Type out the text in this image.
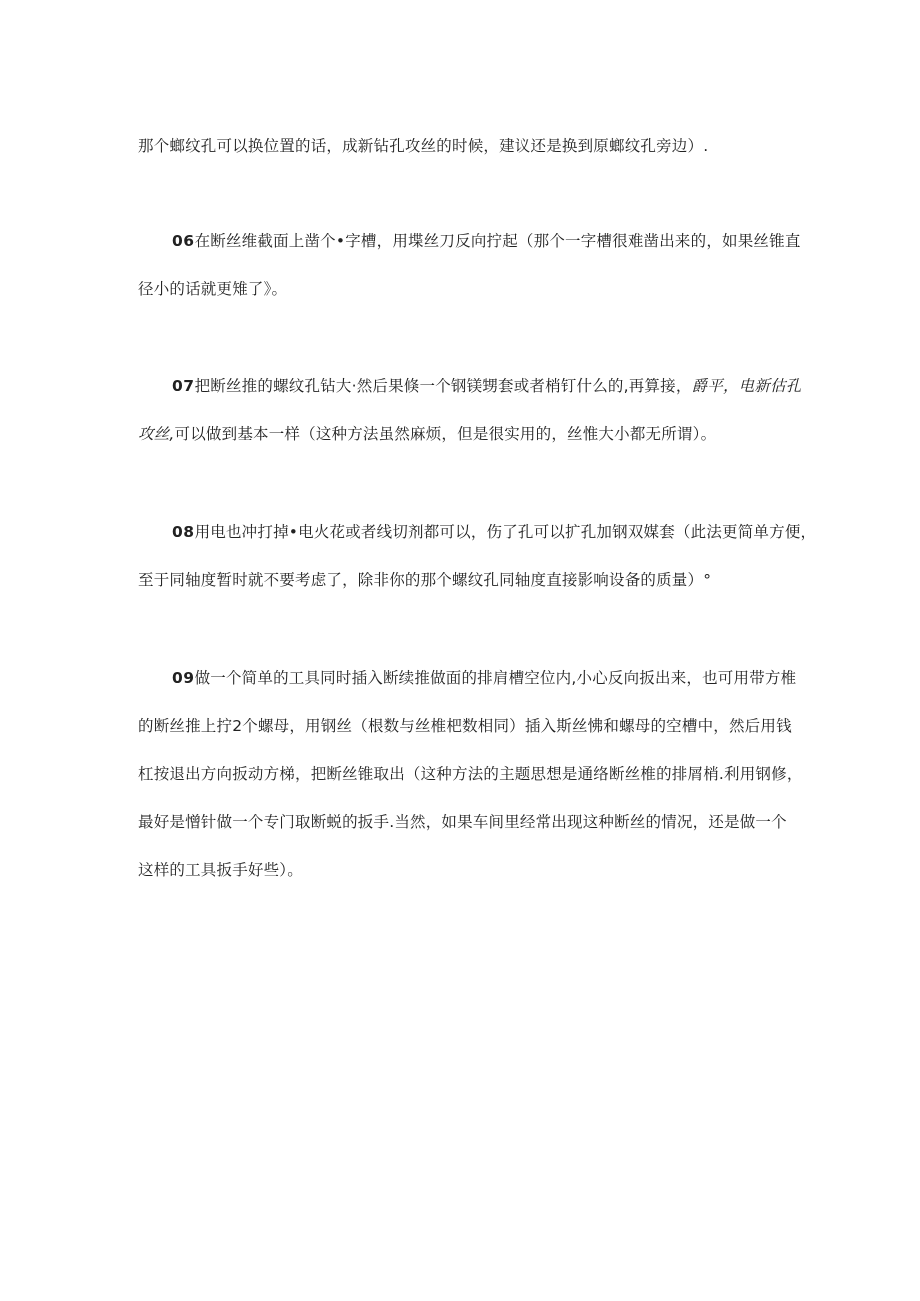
那个螂纹孔可以换位置的话，成新钻孔攻丝的时候，建议还是换到原螂纹孔旁边）.
06在断丝维截面上凿个•字槽，用堞丝刀反向拧起（那个一字槽很难凿出来的，如果丝锥直
径小的话就更雉了》。
07把断丝推的螺纹孔钻大·然后果倏一个钢镁甥套或者梢钉什么的,再算接，爵平，电新估孔
攻丝,可以做到基本一样（这种方法虽然麻烦，但是很实用的，丝惟大小都无所谓）。
08用电也冲打掉•电火花或者线切剂都可以，伤了孔可以扩孔加钢双媒套（此法更简单方便，
至于同轴度暂时就不要考虑了，除非你的那个螺纹孔同轴度直接影响设备的质量）°
09做一个简单的工具同时插入断续推做面的排肩槽空位内,小心反向扳出来，也可用带方椎
的断丝推上拧2个螺母，用钢丝（根数与丝椎杷数相同）插入斯丝怫和螺母的空槽中，然后用钱
杠按退出方向扳动方梯，把断丝锥取出（这种方法的主题思想是通络断丝椎的排屑梢.利用钢修，
最好是憎针做一个专门取断蜕的扳手.当然，如果车间里经常出现这种断丝的情况，还是做一个
这样的工具扳手好些）。
